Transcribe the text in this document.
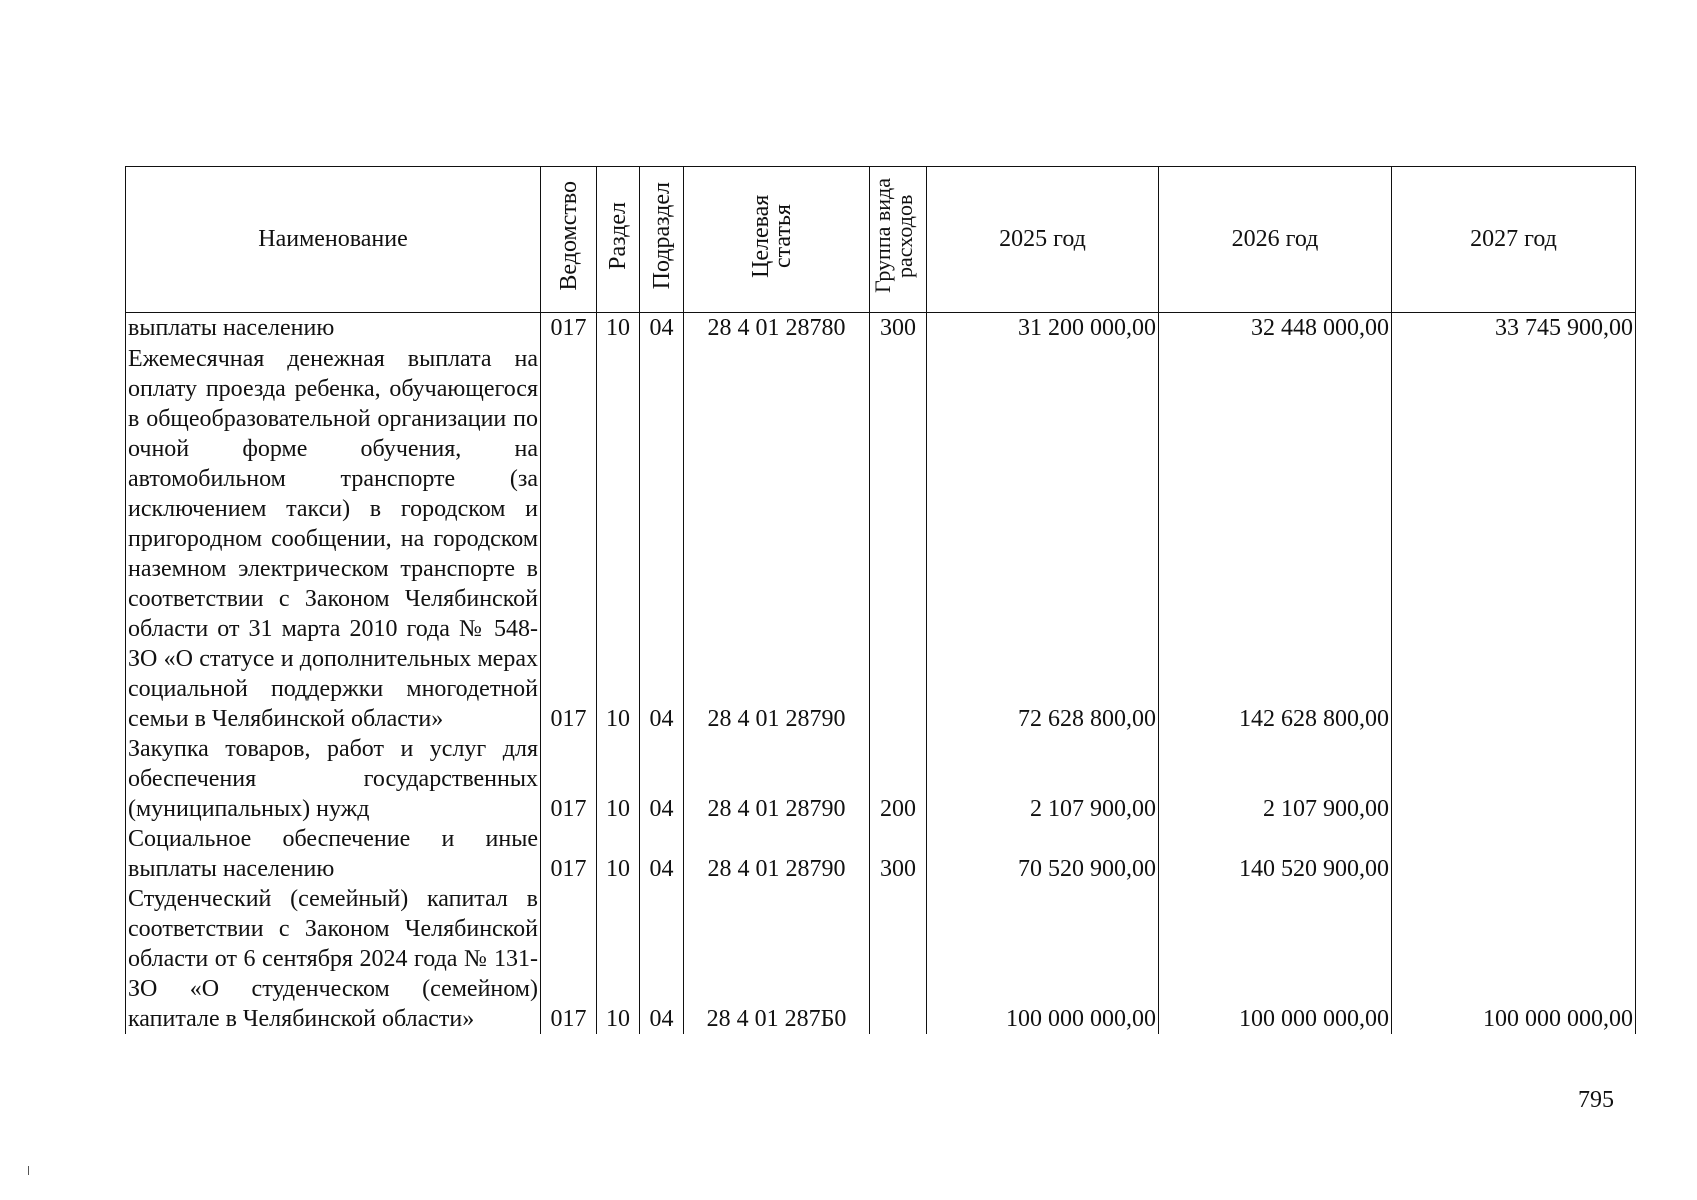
Наименование	Ведомство	Раздел	Подраздел	Целевая статья	Группа вида расходов	2025 год	2026 год	2027 год
выплаты населению	017	10	04	28 4 01 28780	300	31 200 000,00	32 448 000,00	33 745 900,00
Ежемесячная денежная выплата на оплату проезда ребенка, обучающегося в общеобразовательной организации по очной форме обучения, на автомобильном транспорте (за исключением такси) в городском и пригородном сообщении, на городском наземном электрическом транспорте в соответствии с Законом Челябинской области от 31 марта 2010 года № 548-ЗО «О статусе и дополнительных мерах социальной поддержки многодетной семьи в Челябинской области»	017	10	04	28 4 01 28790		72 628 800,00	142 628 800,00	
Закупка товаров, работ и услуг для обеспечения государственных (муниципальных) нужд	017	10	04	28 4 01 28790	200	2 107 900,00	2 107 900,00	
Социальное обеспечение и иные выплаты населению	017	10	04	28 4 01 28790	300	70 520 900,00	140 520 900,00	
Студенческий (семейный) капитал в соответствии с Законом Челябинской области от 6 сентября 2024 года № 131-ЗО «О студенческом (семейном) капитале в Челябинской области»	017	10	04	28 4 01 287Б0		100 000 000,00	100 000 000,00	100 000 000,00
795
